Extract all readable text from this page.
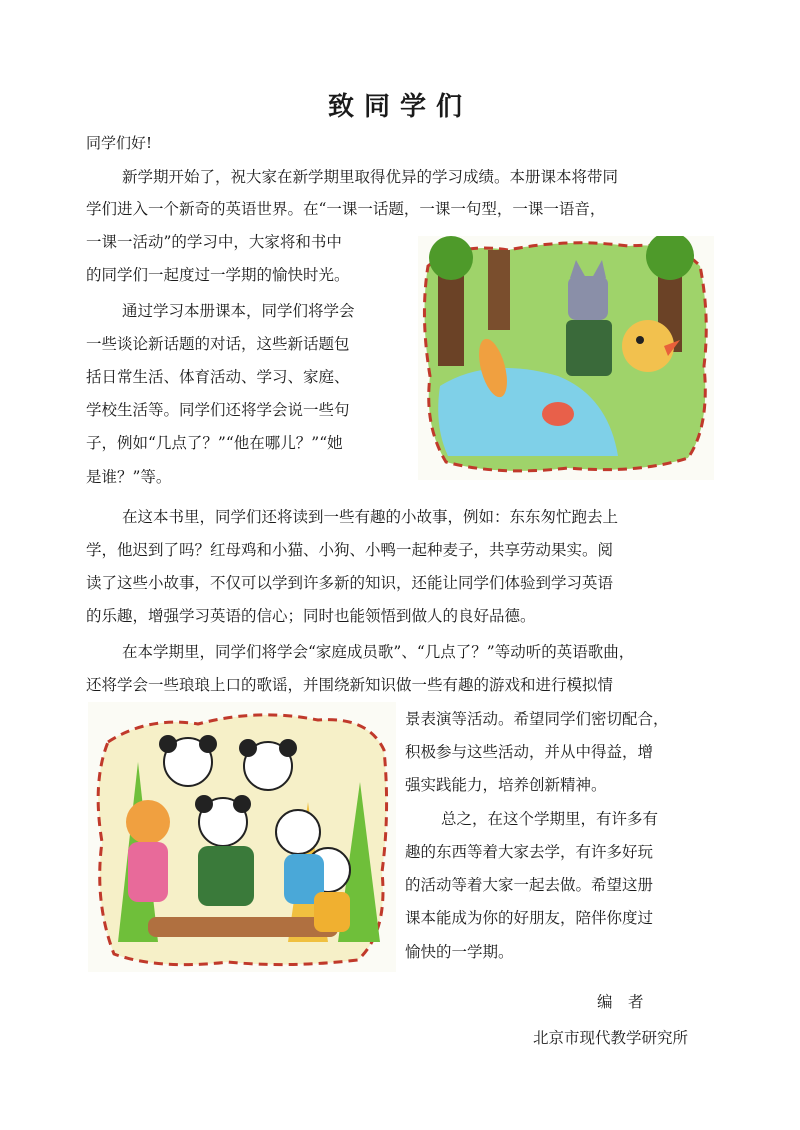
致同学们
同学们好!
新学期开始了，祝大家在新学期里取得优异的学习成绩。本册课本将带同
学们进入一个新奇的英语世界。在“一课一话题，一课一句型，一课一语音，
一课一活动”的学习中，大家将和书中
的同学们一起度过一学期的愉快时光。
通过学习本册课本，同学们将学会
一些谈论新话题的对话，这些新话题包
括日常生活、体育活动、学习、家庭、
学校生活等。同学们还将学会说一些句
子，例如“几点了？”“他在哪儿？”“她
是谁？”等。
在这本书里，同学们还将读到一些有趣的小故事，例如：东东匆忙跑去上
学，他迟到了吗？红母鸡和小猫、小狗、小鸭一起种麦子，共享劳动果实。阅
读了这些小故事，不仅可以学到许多新的知识，还能让同学们体验到学习英语
的乐趣，增强学习英语的信心；同时也能领悟到做人的良好品德。
在本学期里，同学们将学会“家庭成员歌”、“几点了？”等动听的英语歌曲，
还将学会一些琅琅上口的歌谣，并围绕新知识做一些有趣的游戏和进行模拟情
景表演等活动。希望同学们密切配合，
积极参与这些活动，并从中得益，增
强实践能力，培养创新精神。
总之，在这个学期里，有许多有
趣的东西等着大家去学，有许多好玩
的活动等着大家一起去做。希望这册
课本能成为你的好朋友，陪伴你度过
愉快的一学期。
编　者
北京市现代教学研究所
